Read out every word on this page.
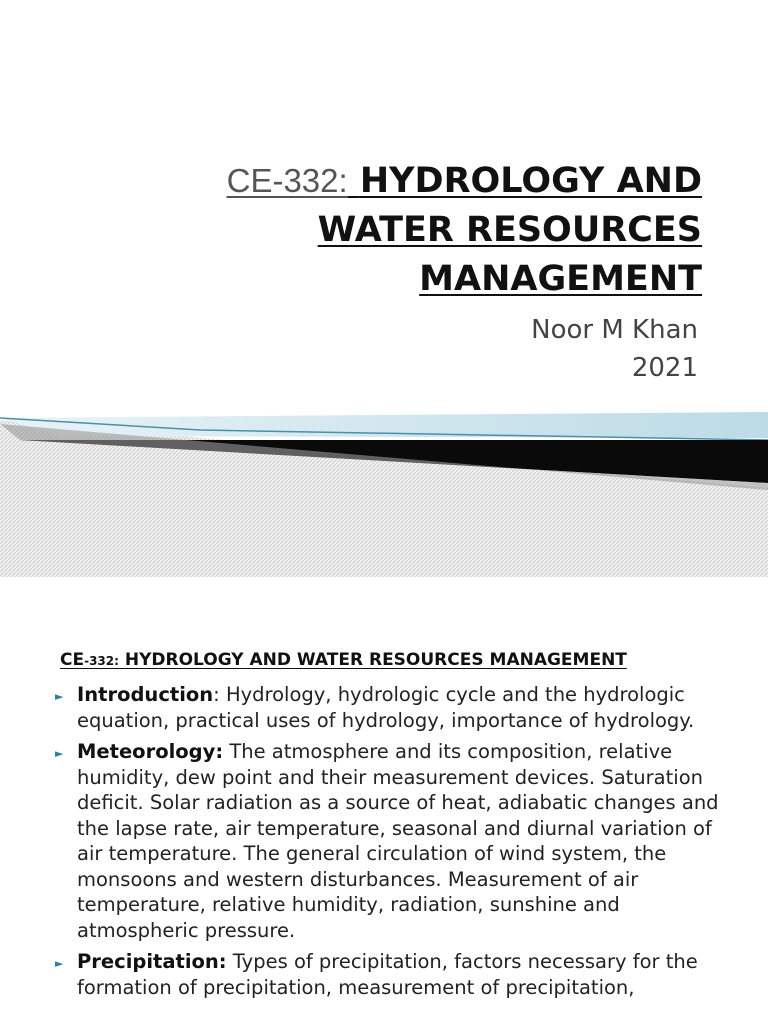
CE-332: HYDROLOGY AND
WATER RESOURCES
MANAGEMENT
Noor M Khan
2021
CE-332: HYDROLOGY AND WATER RESOURCES MANAGEMENT
► Introduction: Hydrology, hydrologic cycle and the hydrologic equation, practical uses of hydrology, importance of hydrology.
► Meteorology: The atmosphere and its composition, relative humidity, dew point and their measurement devices. Saturation deficit. Solar radiation as a source of heat, adiabatic changes and the lapse rate, air temperature, seasonal and diurnal variation of air temperature. The general circulation of wind system, the monsoons and western disturbances. Measurement of air temperature, relative humidity, radiation, sunshine and atmospheric pressure.
► Precipitation: Types of precipitation, factors necessary for the formation of precipitation, measurement of precipitation,
